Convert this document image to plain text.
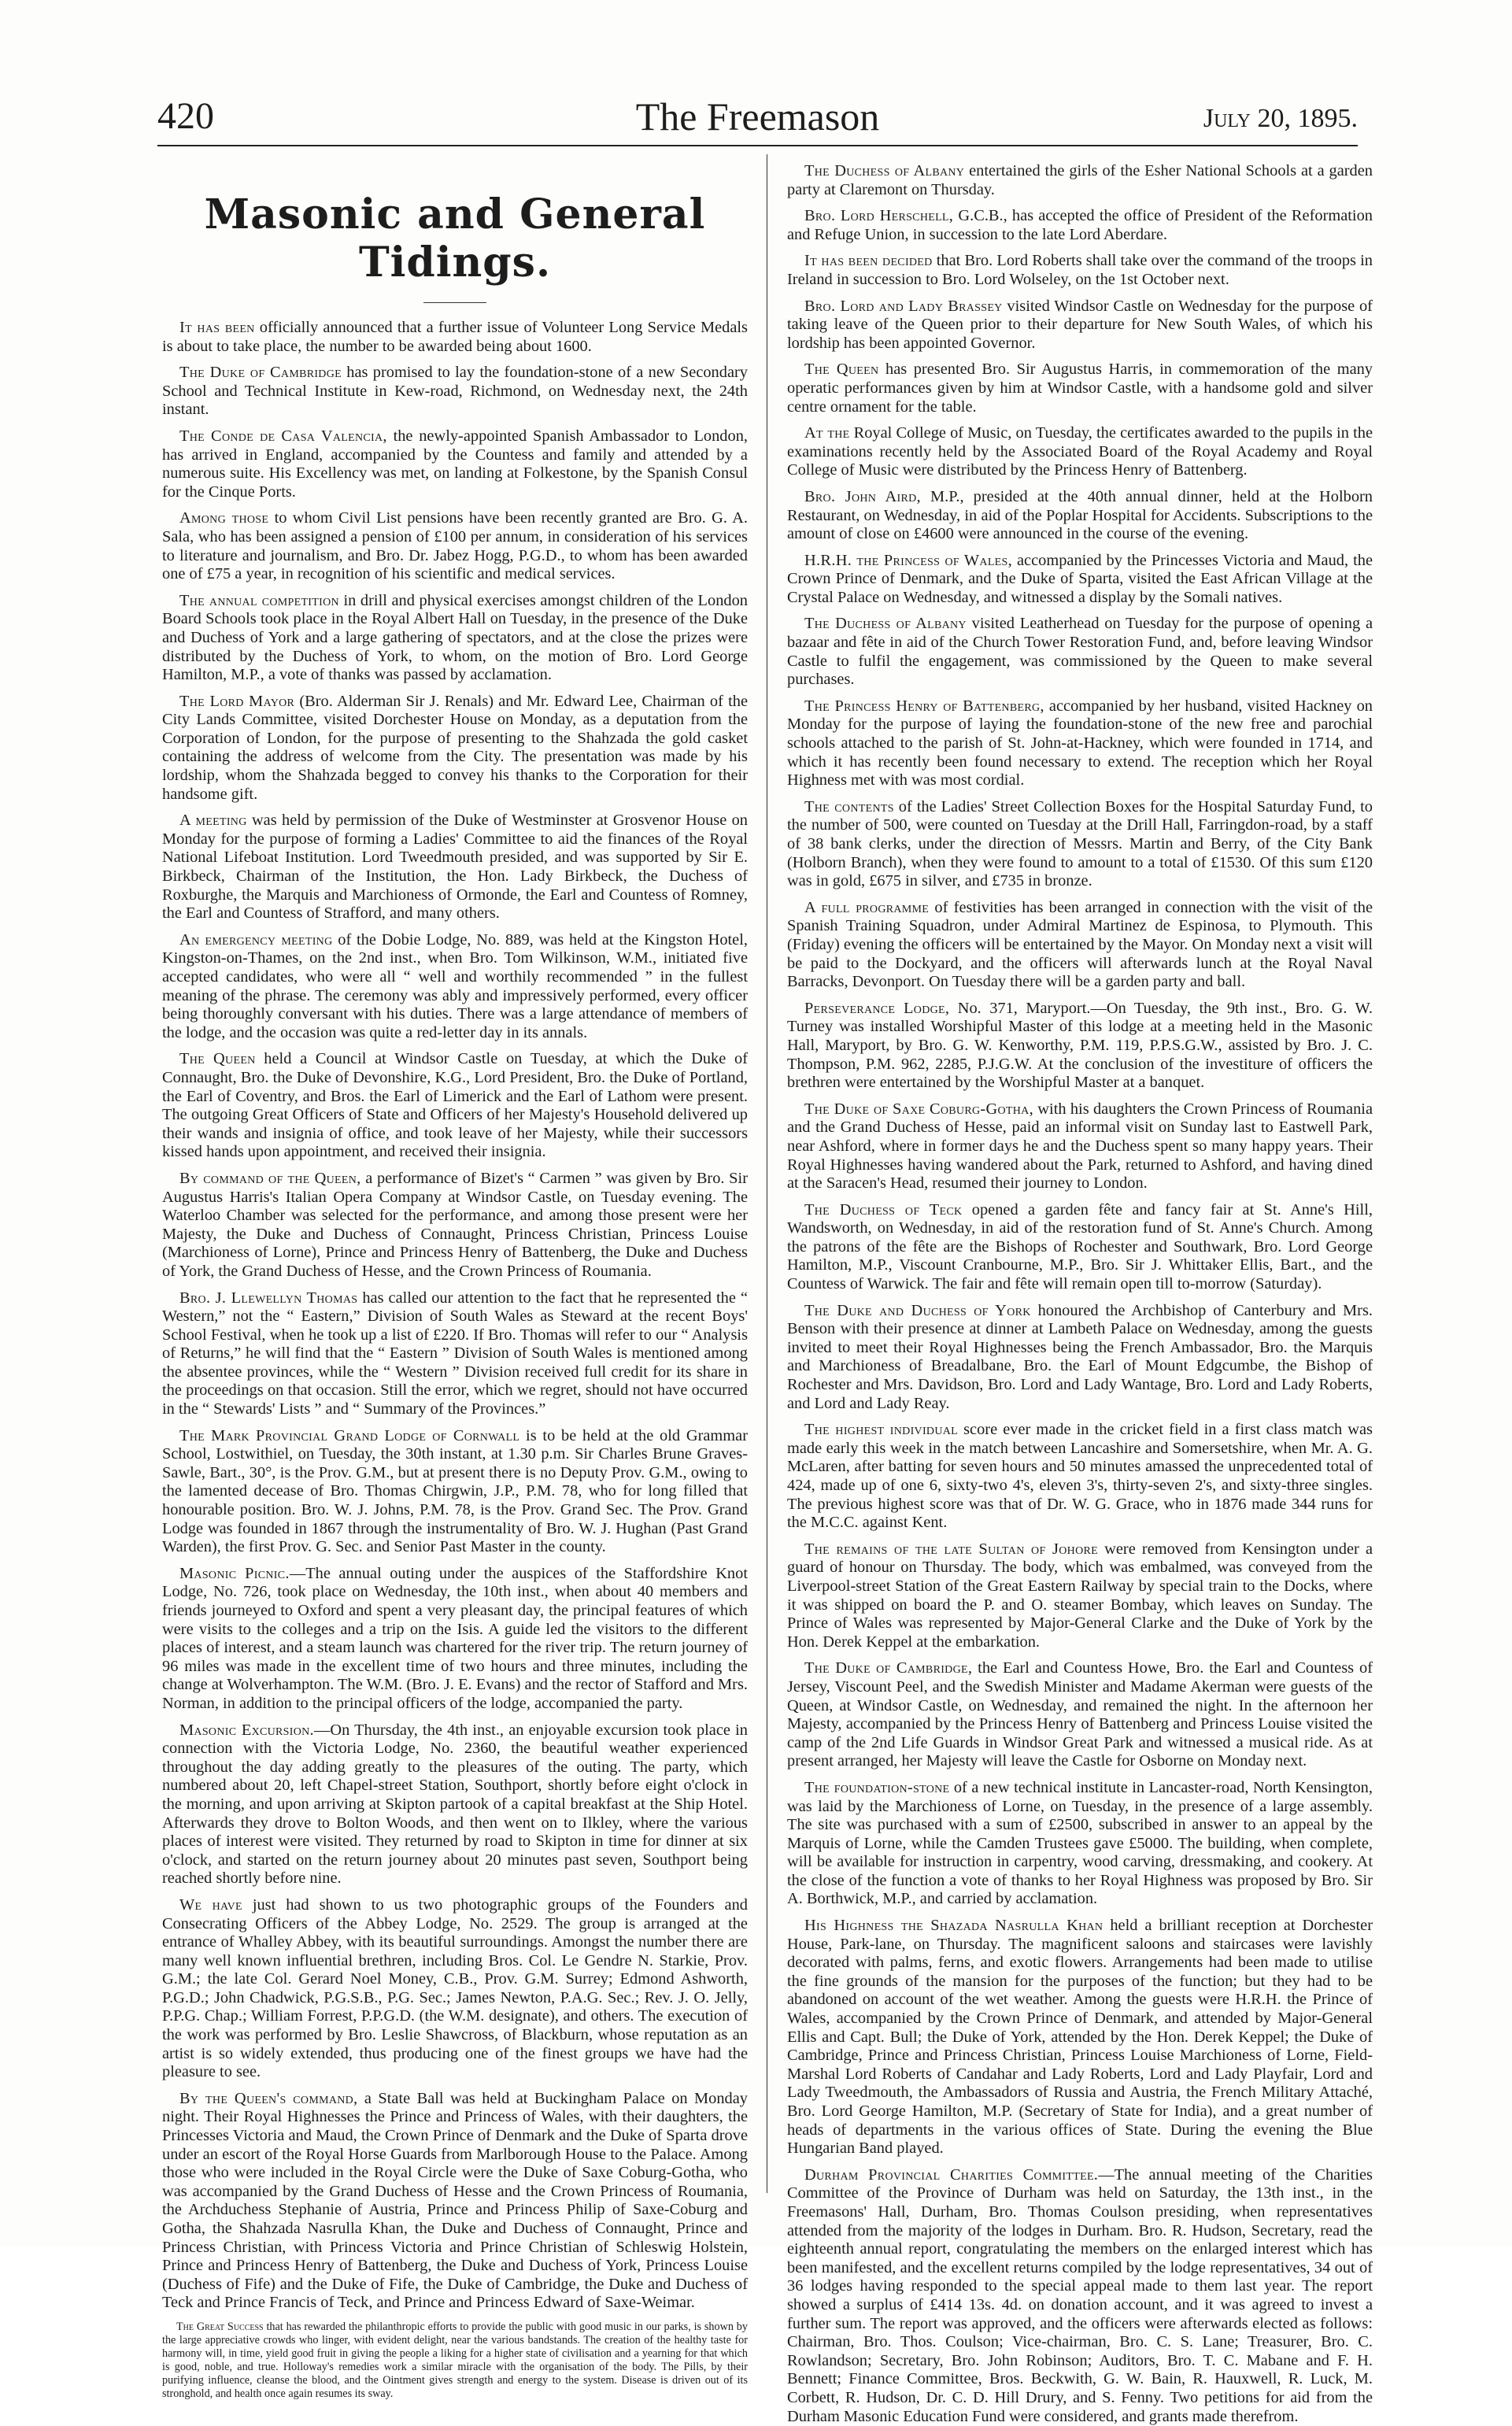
420	The Freemason	July 20, 1895.
Masonic and General Tidings.

It has been officially announced that a further issue of Volunteer Long Service Medals is about to take place, the number to be awarded being about 1600.

The Duke of Cambridge has promised to lay the foundation-stone of a new Secondary School and Technical Institute in Kew-road, Richmond, on Wednesday next, the 24th instant.

The Conde de Casa Valencia, the newly-appointed Spanish Ambassador to London, has arrived in England, accompanied by the Countess and family and attended by a numerous suite. His Excellency was met, on landing at Folkestone, by the Spanish Consul for the Cinque Ports.

Among those to whom Civil List pensions have been recently granted are Bro. G. A. Sala, who has been assigned a pension of £100 per annum, in consideration of his services to literature and journalism, and Bro. Dr. Jabez Hogg, P.G.D., to whom has been awarded one of £75 a year, in recognition of his scientific and medical services.

The annual competition in drill and physical exercises amongst children of the London Board Schools took place in the Royal Albert Hall on Tuesday, in the presence of the Duke and Duchess of York and a large gathering of spectators, and at the close the prizes were distributed by the Duchess of York, to whom, on the motion of Bro. Lord George Hamilton, M.P., a vote of thanks was passed by acclamation.

The Lord Mayor (Bro. Alderman Sir J. Renals) and Mr. Edward Lee, Chairman of the City Lands Committee, visited Dorchester House on Monday, as a deputation from the Corporation of London, for the purpose of presenting to the Shahzada the gold casket containing the address of welcome from the City. The presentation was made by his lordship, whom the Shahzada begged to convey his thanks to the Corporation for their handsome gift.

A meeting was held by permission of the Duke of Westminster at Grosvenor House on Monday for the purpose of forming a Ladies' Committee to aid the finances of the Royal National Lifeboat Institution. Lord Tweedmouth presided, and was supported by Sir E. Birkbeck, Chairman of the Institution, the Hon. Lady Birkbeck, the Duchess of Roxburghe, the Marquis and Marchioness of Ormonde, the Earl and Countess of Romney, the Earl and Countess of Strafford, and many others.

An emergency meeting of the Dobie Lodge, No. 889, was held at the Kingston Hotel, Kingston-on-Thames, on the 2nd inst., when Bro. Tom Wilkinson, W.M., initiated five accepted candidates, who were all “ well and worthily recommended ” in the fullest meaning of the phrase. The ceremony was ably and impressively performed, every officer being thoroughly conversant with his duties. There was a large attendance of members of the lodge, and the occasion was quite a red-letter day in its annals.

The Queen held a Council at Windsor Castle on Tuesday, at which the Duke of Connaught, Bro. the Duke of Devonshire, K.G., Lord President, Bro. the Duke of Portland, the Earl of Coventry, and Bros. the Earl of Limerick and the Earl of Lathom were present. The outgoing Great Officers of State and Officers of her Majesty's Household delivered up their wands and insignia of office, and took leave of her Majesty, while their successors kissed hands upon appointment, and received their insignia.

By command of the Queen, a performance of Bizet's “ Carmen ” was given by Bro. Sir Augustus Harris's Italian Opera Company at Windsor Castle, on Tuesday evening. The Waterloo Chamber was selected for the performance, and among those present were her Majesty, the Duke and Duchess of Connaught, Princess Christian, Princess Louise (Marchioness of Lorne), Prince and Princess Henry of Battenberg, the Duke and Duchess of York, the Grand Duchess of Hesse, and the Crown Princess of Roumania.

Bro. J. Llewellyn Thomas has called our attention to the fact that he represented the “ Western,” not the “ Eastern,” Division of South Wales as Steward at the recent Boys' School Festival, when he took up a list of £220. If Bro. Thomas will refer to our “ Analysis of Returns,” he will find that the “ Eastern ” Division of South Wales is mentioned among the absentee provinces, while the “ Western ” Division received full credit for its share in the proceedings on that occasion. Still the error, which we regret, should not have occurred in the “ Stewards' Lists ” and “ Summary of the Provinces.”

The Mark Provincial Grand Lodge of Cornwall is to be held at the old Grammar School, Lostwithiel, on Tuesday, the 30th instant, at 1.30 p.m. Sir Charles Brune Graves-Sawle, Bart., 30°, is the Prov. G.M., but at present there is no Deputy Prov. G.M., owing to the lamented decease of Bro. Thomas Chirgwin, J.P., P.M. 78, who for long filled that honourable position. Bro. W. J. Johns, P.M. 78, is the Prov. Grand Sec. The Prov. Grand Lodge was founded in 1867 through the instrumentality of Bro. W. J. Hughan (Past Grand Warden), the first Prov. G. Sec. and Senior Past Master in the county.

Masonic Picnic.—The annual outing under the auspices of the Staffordshire Knot Lodge, No. 726, took place on Wednesday, the 10th inst., when about 40 members and friends journeyed to Oxford and spent a very pleasant day, the principal features of which were visits to the colleges and a trip on the Isis. A guide led the visitors to the different places of interest, and a steam launch was chartered for the river trip. The return journey of 96 miles was made in the excellent time of two hours and three minutes, including the change at Wolverhampton. The W.M. (Bro. J. E. Evans) and the rector of Stafford and Mrs. Norman, in addition to the principal officers of the lodge, accompanied the party.

Masonic Excursion.—On Thursday, the 4th inst., an enjoyable excursion took place in connection with the Victoria Lodge, No. 2360, the beautiful weather experienced throughout the day adding greatly to the pleasures of the outing. The party, which numbered about 20, left Chapel-street Station, Southport, shortly before eight o'clock in the morning, and upon arriving at Skipton partook of a capital breakfast at the Ship Hotel. Afterwards they drove to Bolton Woods, and then went on to Ilkley, where the various places of interest were visited. They returned by road to Skipton in time for dinner at six o'clock, and started on the return journey about 20 minutes past seven, Southport being reached shortly before nine.

We have just had shown to us two photographic groups of the Founders and Consecrating Officers of the Abbey Lodge, No. 2529. The group is arranged at the entrance of Whalley Abbey, with its beautiful surroundings. Amongst the number there are many well known influential brethren, including Bros. Col. Le Gendre N. Starkie, Prov. G.M.; the late Col. Gerard Noel Money, C.B., Prov. G.M. Surrey; Edmond Ashworth, P.G.D.; John Chadwick, P.G.S.B., P.G. Sec.; James Newton, P.A.G. Sec.; Rev. J. O. Jelly, P.P.G. Chap.; William Forrest, P.P.G.D. (the W.M. designate), and others. The execution of the work was performed by Bro. Leslie Shawcross, of Blackburn, whose reputation as an artist is so widely extended, thus producing one of the finest groups we have had the pleasure to see.

By the Queen's command, a State Ball was held at Buckingham Palace on Monday night. Their Royal Highnesses the Prince and Princess of Wales, with their daughters, the Princesses Victoria and Maud, the Crown Prince of Denmark and the Duke of Sparta drove under an escort of the Royal Horse Guards from Marlborough House to the Palace. Among those who were included in the Royal Circle were the Duke of Saxe Coburg-Gotha, who was accompanied by the Grand Duchess of Hesse and the Crown Princess of Roumania, the Archduchess Stephanie of Austria, Prince and Princess Philip of Saxe-Coburg and Gotha, the Shahzada Nasrulla Khan, the Duke and Duchess of Connaught, Prince and Princess Christian, with Princess Victoria and Prince Christian of Schleswig Holstein, Prince and Princess Henry of Battenberg, the Duke and Duchess of York, Princess Louise (Duchess of Fife) and the Duke of Fife, the Duke of Cambridge, the Duke and Duchess of Teck and Prince Francis of Teck, and Prince and Princess Edward of Saxe-Weimar.

The Great Success that has rewarded the philanthropic efforts to provide the public with good music in our parks, is shown by the large appreciative crowds who linger, with evident delight, near the various bandstands. The creation of the healthy taste for harmony will, in time, yield good fruit in giving the people a liking for a higher state of civilisation and a yearning for that which is good, noble, and true. Holloway's remedies work a similar miracle with the organisation of the body. The Pills, by their purifying influence, cleanse the blood, and the Ointment gives strength and energy to the system. Disease is driven out of its stronghold, and health once again resumes its sway.

The Duchess of Albany entertained the girls of the Esher National Schools at a garden party at Claremont on Thursday.

Bro. Lord Herschell, G.C.B., has accepted the office of President of the Reformation and Refuge Union, in succession to the late Lord Aberdare.

It has been decided that Bro. Lord Roberts shall take over the command of the troops in Ireland in succession to Bro. Lord Wolseley, on the 1st October next.

Bro. Lord and Lady Brassey visited Windsor Castle on Wednesday for the purpose of taking leave of the Queen prior to their departure for New South Wales, of which his lordship has been appointed Governor.

The Queen has presented Bro. Sir Augustus Harris, in commemoration of the many operatic performances given by him at Windsor Castle, with a handsome gold and silver centre ornament for the table.

At the Royal College of Music, on Tuesday, the certificates awarded to the pupils in the examinations recently held by the Associated Board of the Royal Academy and Royal College of Music were distributed by the Princess Henry of Battenberg.

Bro. John Aird, M.P., presided at the 40th annual dinner, held at the Holborn Restaurant, on Wednesday, in aid of the Poplar Hospital for Accidents. Subscriptions to the amount of close on £4600 were announced in the course of the evening.

H.R.H. the Princess of Wales, accompanied by the Princesses Victoria and Maud, the Crown Prince of Denmark, and the Duke of Sparta, visited the East African Village at the Crystal Palace on Wednesday, and witnessed a display by the Somali natives.

The Duchess of Albany visited Leatherhead on Tuesday for the purpose of opening a bazaar and fête in aid of the Church Tower Restoration Fund, and, before leaving Windsor Castle to fulfil the engagement, was commissioned by the Queen to make several purchases.

The Princess Henry of Battenberg, accompanied by her husband, visited Hackney on Monday for the purpose of laying the foundation-stone of the new free and parochial schools attached to the parish of St. John-at-Hackney, which were founded in 1714, and which it has recently been found necessary to extend. The reception which her Royal Highness met with was most cordial.

The contents of the Ladies' Street Collection Boxes for the Hospital Saturday Fund, to the number of 500, were counted on Tuesday at the Drill Hall, Farringdon-road, by a staff of 38 bank clerks, under the direction of Messrs. Martin and Berry, of the City Bank (Holborn Branch), when they were found to amount to a total of £1530. Of this sum £120 was in gold, £675 in silver, and £735 in bronze.

A full programme of festivities has been arranged in connection with the visit of the Spanish Training Squadron, under Admiral Martinez de Espinosa, to Plymouth. This (Friday) evening the officers will be entertained by the Mayor. On Monday next a visit will be paid to the Dockyard, and the officers will afterwards lunch at the Royal Naval Barracks, Devonport. On Tuesday there will be a garden party and ball.

Perseverance Lodge, No. 371, Maryport.—On Tuesday, the 9th inst., Bro. G. W. Turney was installed Worshipful Master of this lodge at a meeting held in the Masonic Hall, Maryport, by Bro. G. W. Kenworthy, P.M. 119, P.P.S.G.W., assisted by Bro. J. C. Thompson, P.M. 962, 2285, P.J.G.W. At the conclusion of the investiture of officers the brethren were entertained by the Worshipful Master at a banquet.

The Duke of Saxe Coburg-Gotha, with his daughters the Crown Princess of Roumania and the Grand Duchess of Hesse, paid an informal visit on Sunday last to Eastwell Park, near Ashford, where in former days he and the Duchess spent so many happy years. Their Royal Highnesses having wandered about the Park, returned to Ashford, and having dined at the Saracen's Head, resumed their journey to London.

The Duchess of Teck opened a garden fête and fancy fair at St. Anne's Hill, Wandsworth, on Wednesday, in aid of the restoration fund of St. Anne's Church. Among the patrons of the fête are the Bishops of Rochester and Southwark, Bro. Lord George Hamilton, M.P., Viscount Cranbourne, M.P., Bro. Sir J. Whittaker Ellis, Bart., and the Countess of Warwick. The fair and fête will remain open till to-morrow (Saturday).

The Duke and Duchess of York honoured the Archbishop of Canterbury and Mrs. Benson with their presence at dinner at Lambeth Palace on Wednesday, among the guests invited to meet their Royal Highnesses being the French Ambassador, Bro. the Marquis and Marchioness of Breadalbane, Bro. the Earl of Mount Edgcumbe, the Bishop of Rochester and Mrs. Davidson, Bro. Lord and Lady Wantage, Bro. Lord and Lady Roberts, and Lord and Lady Reay.

The highest individual score ever made in the cricket field in a first class match was made early this week in the match between Lancashire and Somersetshire, when Mr. A. G. McLaren, after batting for seven hours and 50 minutes amassed the unprecedented total of 424, made up of one 6, sixty-two 4's, eleven 3's, thirty-seven 2's, and sixty-three singles. The previous highest score was that of Dr. W. G. Grace, who in 1876 made 344 runs for the M.C.C. against Kent.

The remains of the late Sultan of Johore were removed from Kensington under a guard of honour on Thursday. The body, which was embalmed, was conveyed from the Liverpool-street Station of the Great Eastern Railway by special train to the Docks, where it was shipped on board the P. and O. steamer Bombay, which leaves on Sunday. The Prince of Wales was represented by Major-General Clarke and the Duke of York by the Hon. Derek Keppel at the embarkation.

The Duke of Cambridge, the Earl and Countess Howe, Bro. the Earl and Countess of Jersey, Viscount Peel, and the Swedish Minister and Madame Akerman were guests of the Queen, at Windsor Castle, on Wednesday, and remained the night. In the afternoon her Majesty, accompanied by the Princess Henry of Battenberg and Princess Louise visited the camp of the 2nd Life Guards in Windsor Great Park and witnessed a musical ride. As at present arranged, her Majesty will leave the Castle for Osborne on Monday next.

The foundation-stone of a new technical institute in Lancaster-road, North Kensington, was laid by the Marchioness of Lorne, on Tuesday, in the presence of a large assembly. The site was purchased with a sum of £2500, subscribed in answer to an appeal by the Marquis of Lorne, while the Camden Trustees gave £5000. The building, when complete, will be available for instruction in carpentry, wood carving, dressmaking, and cookery. At the close of the function a vote of thanks to her Royal Highness was proposed by Bro. Sir A. Borthwick, M.P., and carried by acclamation.

His Highness the Shazada Nasrulla Khan held a brilliant reception at Dorchester House, Park-lane, on Thursday. The magnificent saloons and staircases were lavishly decorated with palms, ferns, and exotic flowers. Arrangements had been made to utilise the fine grounds of the mansion for the purposes of the function; but they had to be abandoned on account of the wet weather. Among the guests were H.R.H. the Prince of Wales, accompanied by the Crown Prince of Denmark, and attended by Major-General Ellis and Capt. Bull; the Duke of York, attended by the Hon. Derek Keppel; the Duke of Cambridge, Prince and Princess Christian, Princess Louise Marchioness of Lorne, Field-Marshal Lord Roberts of Candahar and Lady Roberts, Lord and Lady Playfair, Lord and Lady Tweedmouth, the Ambassadors of Russia and Austria, the French Military Attaché, Bro. Lord George Hamilton, M.P. (Secretary of State for India), and a great number of heads of departments in the various offices of State. During the evening the Blue Hungarian Band played.

Durham Provincial Charities Committee.—The annual meeting of the Charities Committee of the Province of Durham was held on Saturday, the 13th inst., in the Freemasons' Hall, Durham, Bro. Thomas Coulson presiding, when representatives attended from the majority of the lodges in Durham. Bro. R. Hudson, Secretary, read the eighteenth annual report, congratulating the members on the enlarged interest which has been manifested, and the excellent returns compiled by the lodge representatives, 34 out of 36 lodges having responded to the special appeal made to them last year. The report showed a surplus of £414 13s. 4d. on donation account, and it was agreed to invest a further sum. The report was approved, and the officers were afterwards elected as follows: Chairman, Bro. Thos. Coulson; Vice-chairman, Bro. C. S. Lane; Treasurer, Bro. C. Rowlandson; Secretary, Bro. John Robinson; Auditors, Bro. T. C. Mabane and F. H. Bennett; Finance Committee, Bros. Beckwith, G. W. Bain, R. Hauxwell, R. Luck, M. Corbett, R. Hudson, Dr. C. D. Hill Drury, and S. Fenny. Two petitions for aid from the Durham Masonic Education Fund were considered, and grants made therefrom.
